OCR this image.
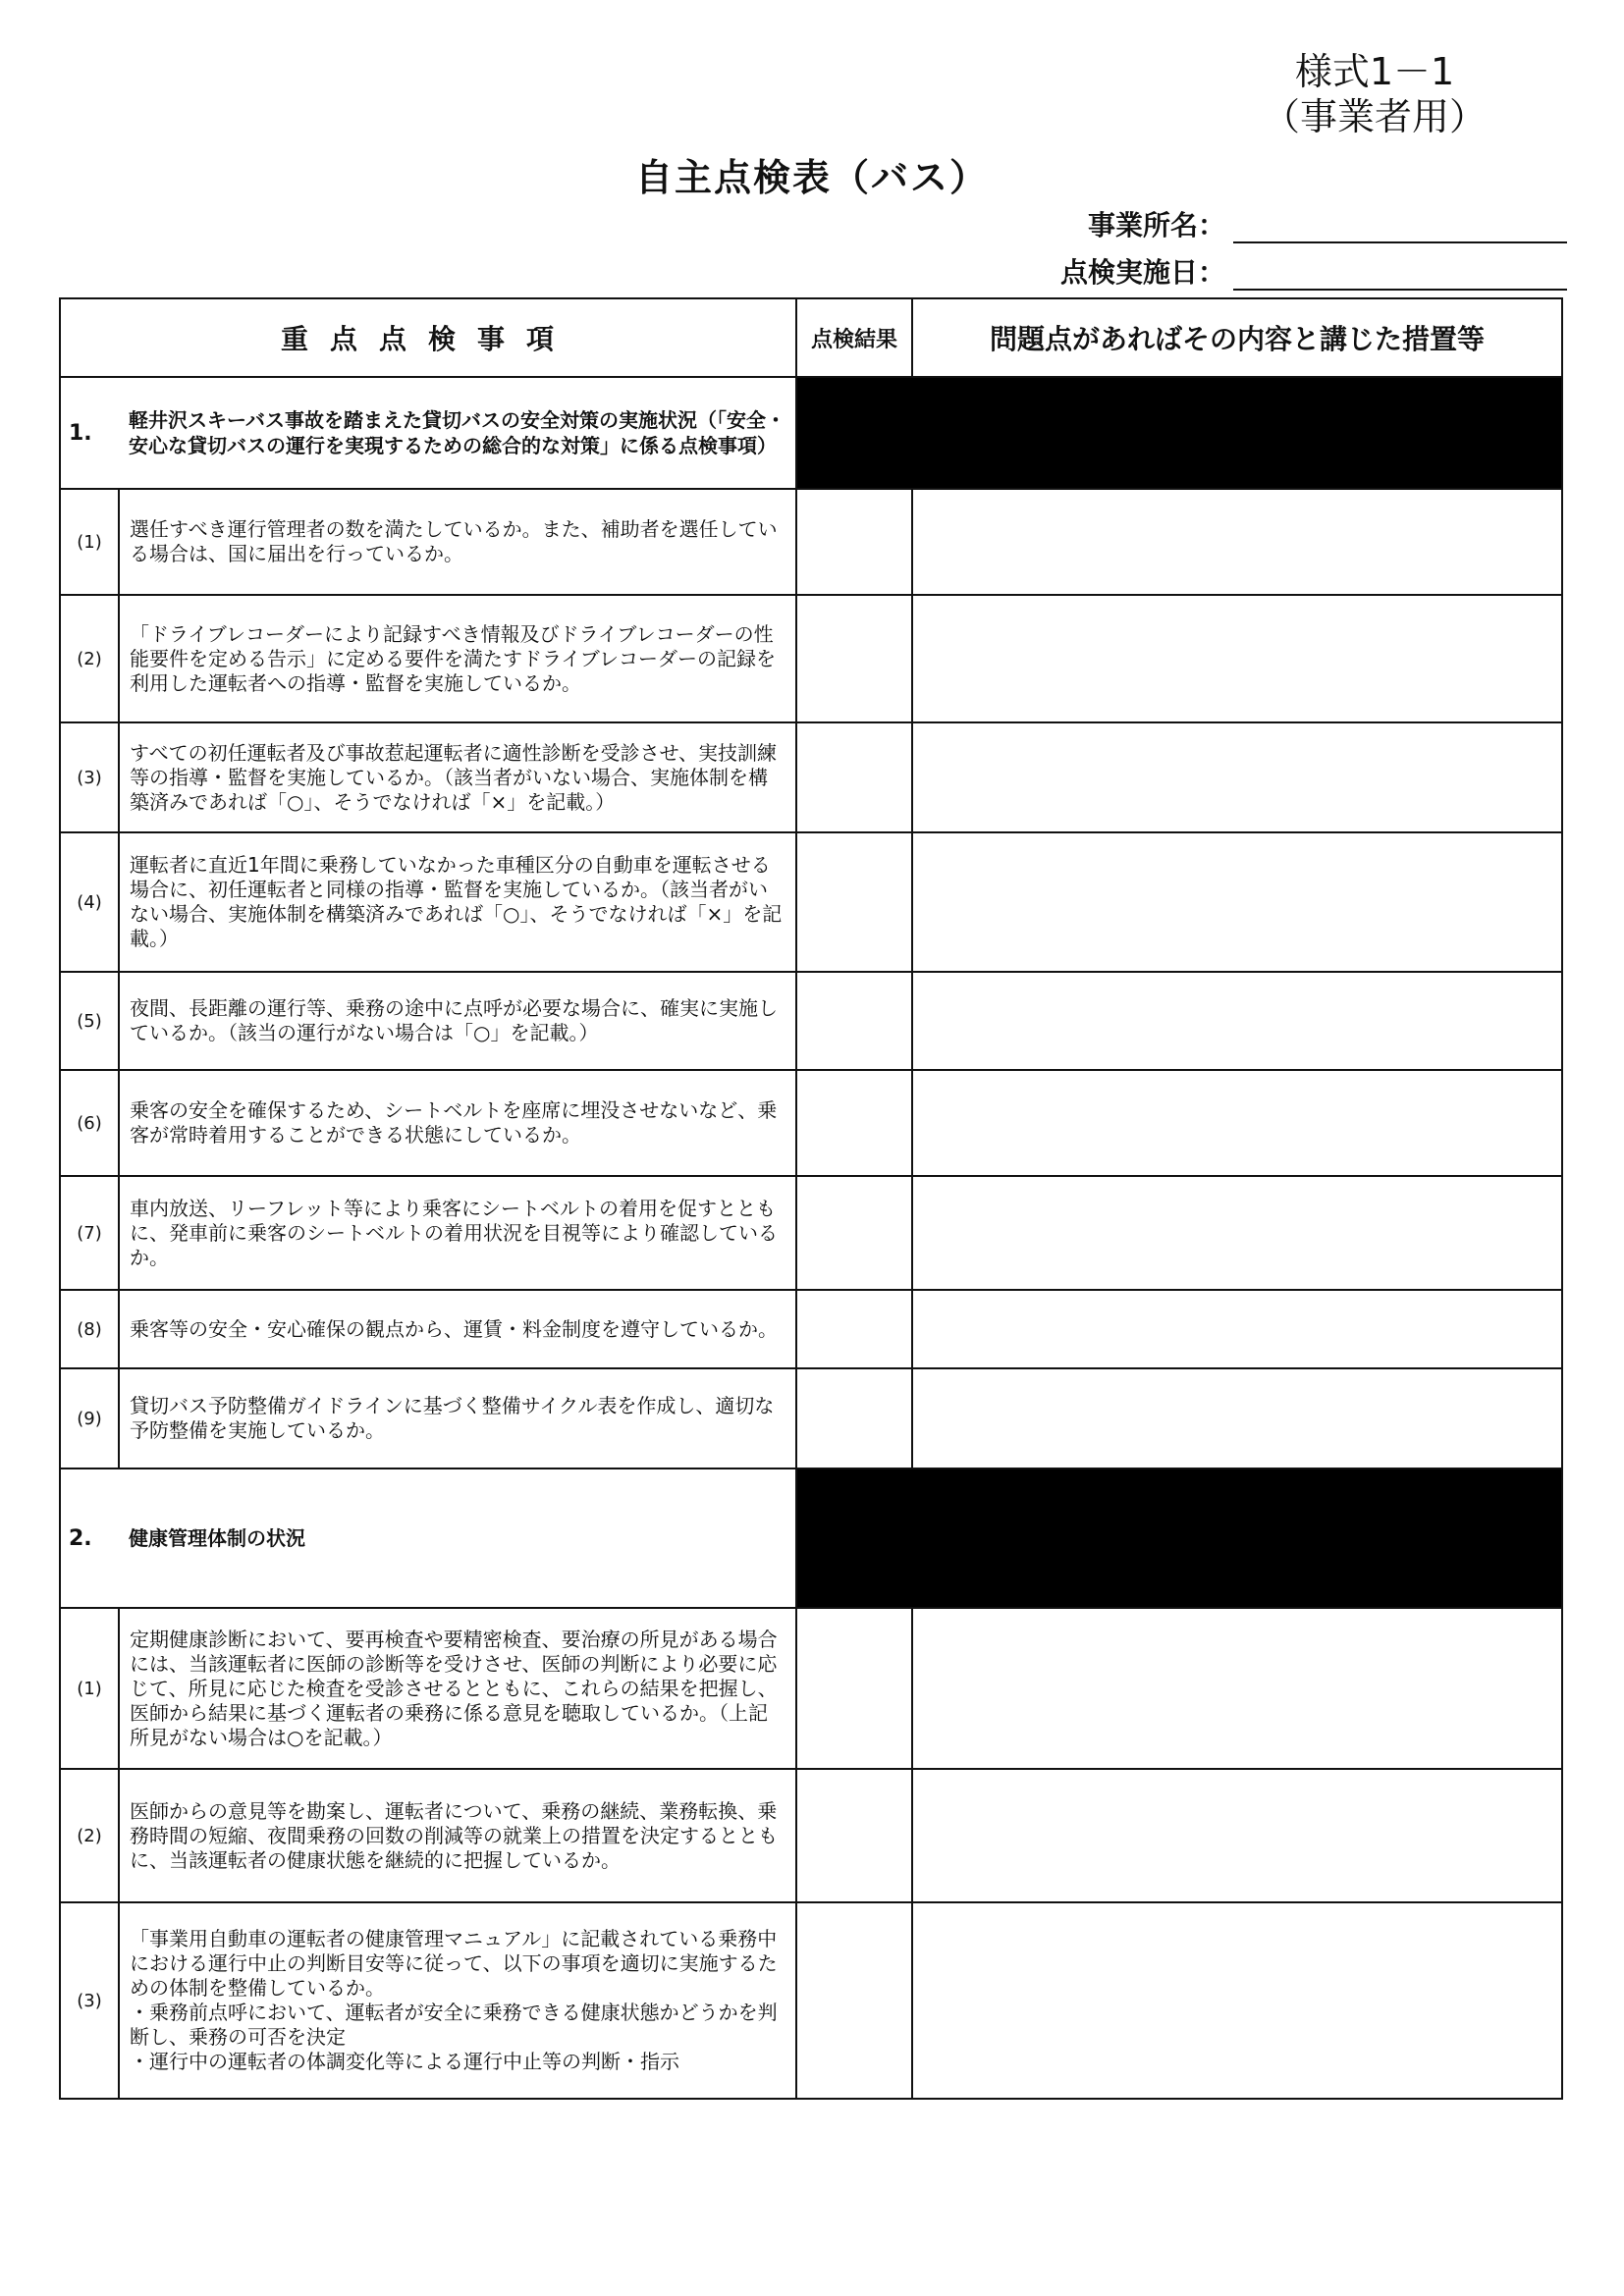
様式1－1
（事業者用）
自主点検表（バス）
事業所名：
点検実施日：
重点点検事項		点検結果	問題点があればその内容と講じた措置等
1.	軽井沢スキーバス事故を踏まえた貸切バスの安全対策の実施状況（「安全・安心な貸切バスの運行を実現するための総合的な対策」に係る点検事項）		
(1)	選任すべき運行管理者の数を満たしているか。また、補助者を選任している場合は、国に届出を行っているか。		
(2)	「ドライブレコーダーにより記録すべき情報及びドライブレコーダーの性能要件を定める告示」に定める要件を満たすドライブレコーダーの記録を利用した運転者への指導・監督を実施しているか。		
(3)	すべての初任運転者及び事故惹起運転者に適性診断を受診させ、実技訓練等の指導・監督を実施しているか。（該当者がいない場合、実施体制を構築済みであれば「○」、そうでなければ「×」を記載。）		
(4)	運転者に直近1年間に乗務していなかった車種区分の自動車を運転させる場合に、初任運転者と同様の指導・監督を実施しているか。（該当者がいない場合、実施体制を構築済みであれば「○」、そうでなければ「×」を記載。）		
(5)	夜間、長距離の運行等、乗務の途中に点呼が必要な場合に、確実に実施しているか。（該当の運行がない場合は「○」を記載。）		
(6)	乗客の安全を確保するため、シートベルトを座席に埋没させないなど、乗客が常時着用することができる状態にしているか。		
(7)	車内放送、リーフレット等により乗客にシートベルトの着用を促すとともに、発車前に乗客のシートベルトの着用状況を目視等により確認しているか。		
(8)	乗客等の安全・安心確保の観点から、運賃・料金制度を遵守しているか。		
(9)	貸切バス予防整備ガイドラインに基づく整備サイクル表を作成し、適切な予防整備を実施しているか。		
2.	健康管理体制の状況		
(1)	定期健康診断において、要再検査や要精密検査、要治療の所見がある場合には、当該運転者に医師の診断等を受けさせ、医師の判断により必要に応じて、所見に応じた検査を受診させるとともに、これらの結果を把握し、医師から結果に基づく運転者の乗務に係る意見を聴取しているか。（上記所見がない場合は○を記載。）		
(2)	医師からの意見等を勘案し、運転者について、乗務の継続、業務転換、乗務時間の短縮、夜間乗務の回数の削減等の就業上の措置を決定するとともに、当該運転者の健康状態を継続的に把握しているか。		
(3)	「事業用自動車の運転者の健康管理マニュアル」に記載されている乗務中における運行中止の判断目安等に従って、以下の事項を適切に実施するための体制を整備しているか。
・乗務前点呼において、運転者が安全に乗務できる健康状態かどうかを判断し、乗務の可否を決定
・運行中の運転者の体調変化等による運行中止等の判断・指示		
